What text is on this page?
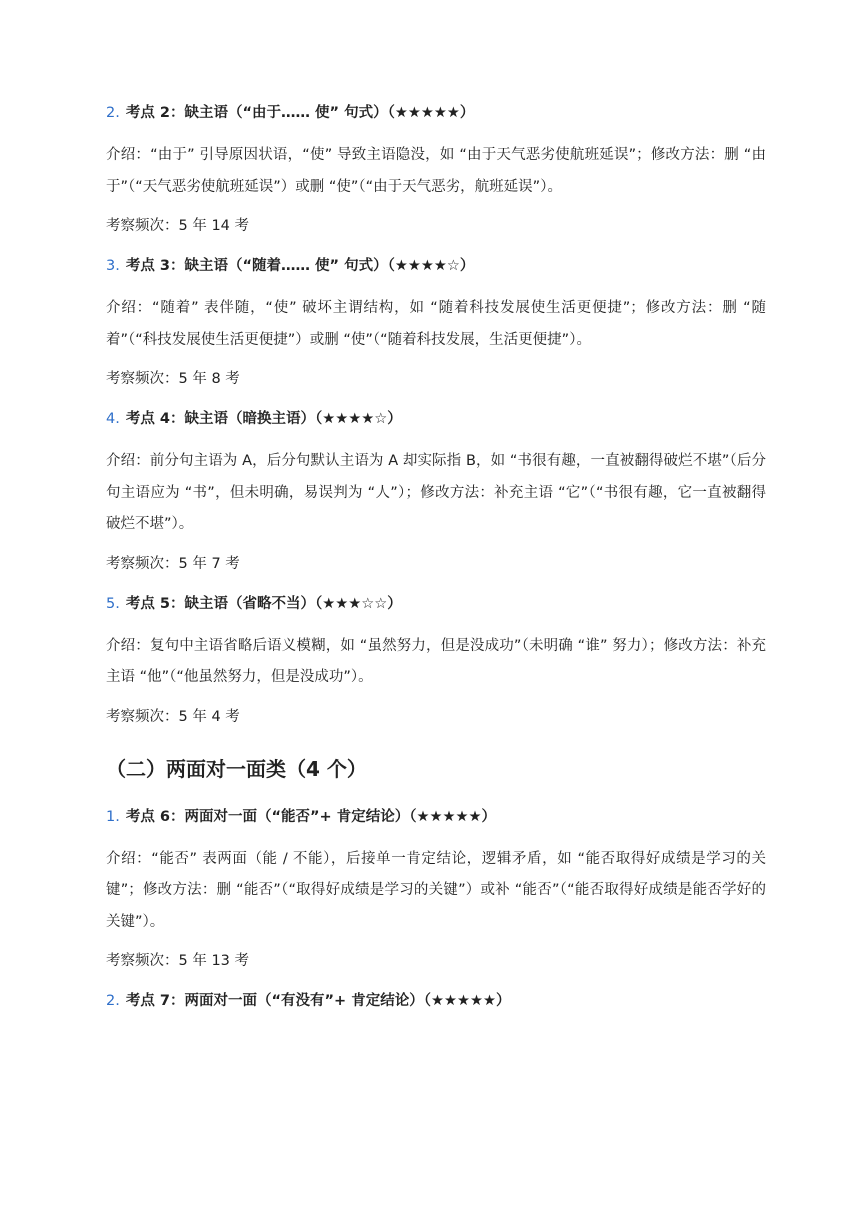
2. 考点 2：缺主语（“由于…… 使” 句式）（★★★★★）
介绍：“由于” 引导原因状语，“使” 导致主语隐没，如 “由于天气恶劣使航班延误”；修改方法：删 “由于”（“天气恶劣使航班延误”）或删 “使”（“由于天气恶劣，航班延误”）。
考察频次：5 年 14 考
3. 考点 3：缺主语（“随着…… 使” 句式）（★★★★☆）
介绍：“随着” 表伴随，“使” 破坏主谓结构，如 “随着科技发展使生活更便捷”；修改方法：删 “随着”（“科技发展使生活更便捷”）或删 “使”（“随着科技发展，生活更便捷”）。
考察频次：5 年 8 考
4. 考点 4：缺主语（暗换主语）（★★★★☆）
介绍：前分句主语为 A，后分句默认主语为 A 却实际指 B，如 “书很有趣，一直被翻得破烂不堪”（后分句主语应为 “书”，但未明确，易误判为 “人”）；修改方法：补充主语 “它”（“书很有趣，它一直被翻得破烂不堪”）。
考察频次：5 年 7 考
5. 考点 5：缺主语（省略不当）（★★★☆☆）
介绍：复句中主语省略后语义模糊，如 “虽然努力，但是没成功”（未明确 “谁” 努力）；修改方法：补充主语 “他”（“他虽然努力，但是没成功”）。
考察频次：5 年 4 考
（二）两面对一面类（4 个）
1. 考点 6：两面对一面（“能否”+ 肯定结论）（★★★★★）
介绍：“能否” 表两面（能 / 不能），后接单一肯定结论，逻辑矛盾，如 “能否取得好成绩是学习的关键”；修改方法：删 “能否”（“取得好成绩是学习的关键”）或补 “能否”（“能否取得好成绩是能否学好的关键”）。
考察频次：5 年 13 考
2. 考点 7：两面对一面（“有没有”+ 肯定结论）（★★★★★）
